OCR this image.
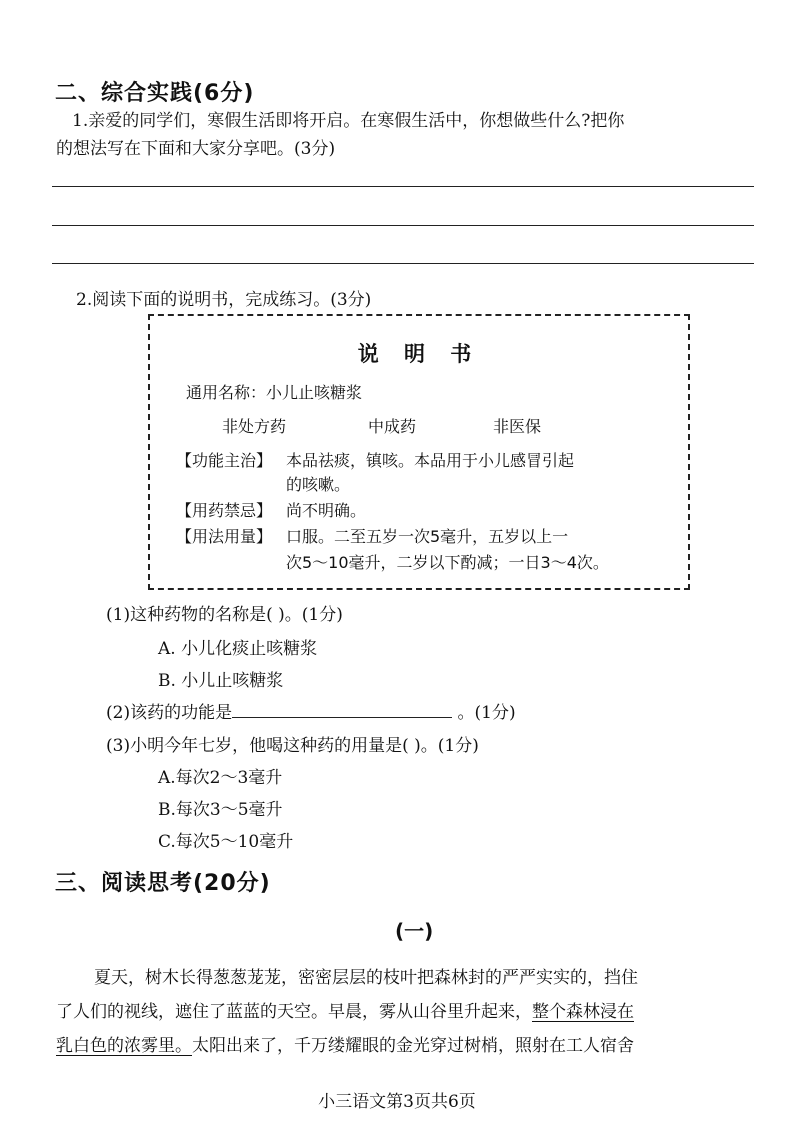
二、综合实践(6分)
1.亲爱的同学们，寒假生活即将开启。在寒假生活中，你想做些什么?把你
的想法写在下面和大家分享吧。(3分)
2.阅读下面的说明书，完成练习。(3分)
说 明 书
通用名称：小儿止咳糖浆
非处方药	中成药	非医保
【功能主治】 本品祛痰，镇咳。本品用于小儿感冒引起
的咳嗽。
【用药禁忌】 尚不明确。
【用法用量】 口服。二至五岁一次5毫升，五岁以上一
次5～10毫升，二岁以下酌减；一日3～4次。
(1)这种药物的名称是( )。(1分)
A. 小儿化痰止咳糖浆
B. 小儿止咳糖浆
(2)该药的功能是	。(1分)
(3)小明今年七岁，他喝这种药的用量是( )。(1分)
A.每次2～3毫升
B.每次3～5毫升
C.每次5～10毫升
三、阅读思考(20分)
(一)
夏天，树木长得葱葱茏茏，密密层层的枝叶把森林封的严严实实的，挡住
了人们的视线，遮住了蓝蓝的天空。早晨，雾从山谷里升起来，整个森林浸在
乳白色的浓雾里。太阳出来了，千万缕耀眼的金光穿过树梢，照射在工人宿舍
小三语文第3页共6页
